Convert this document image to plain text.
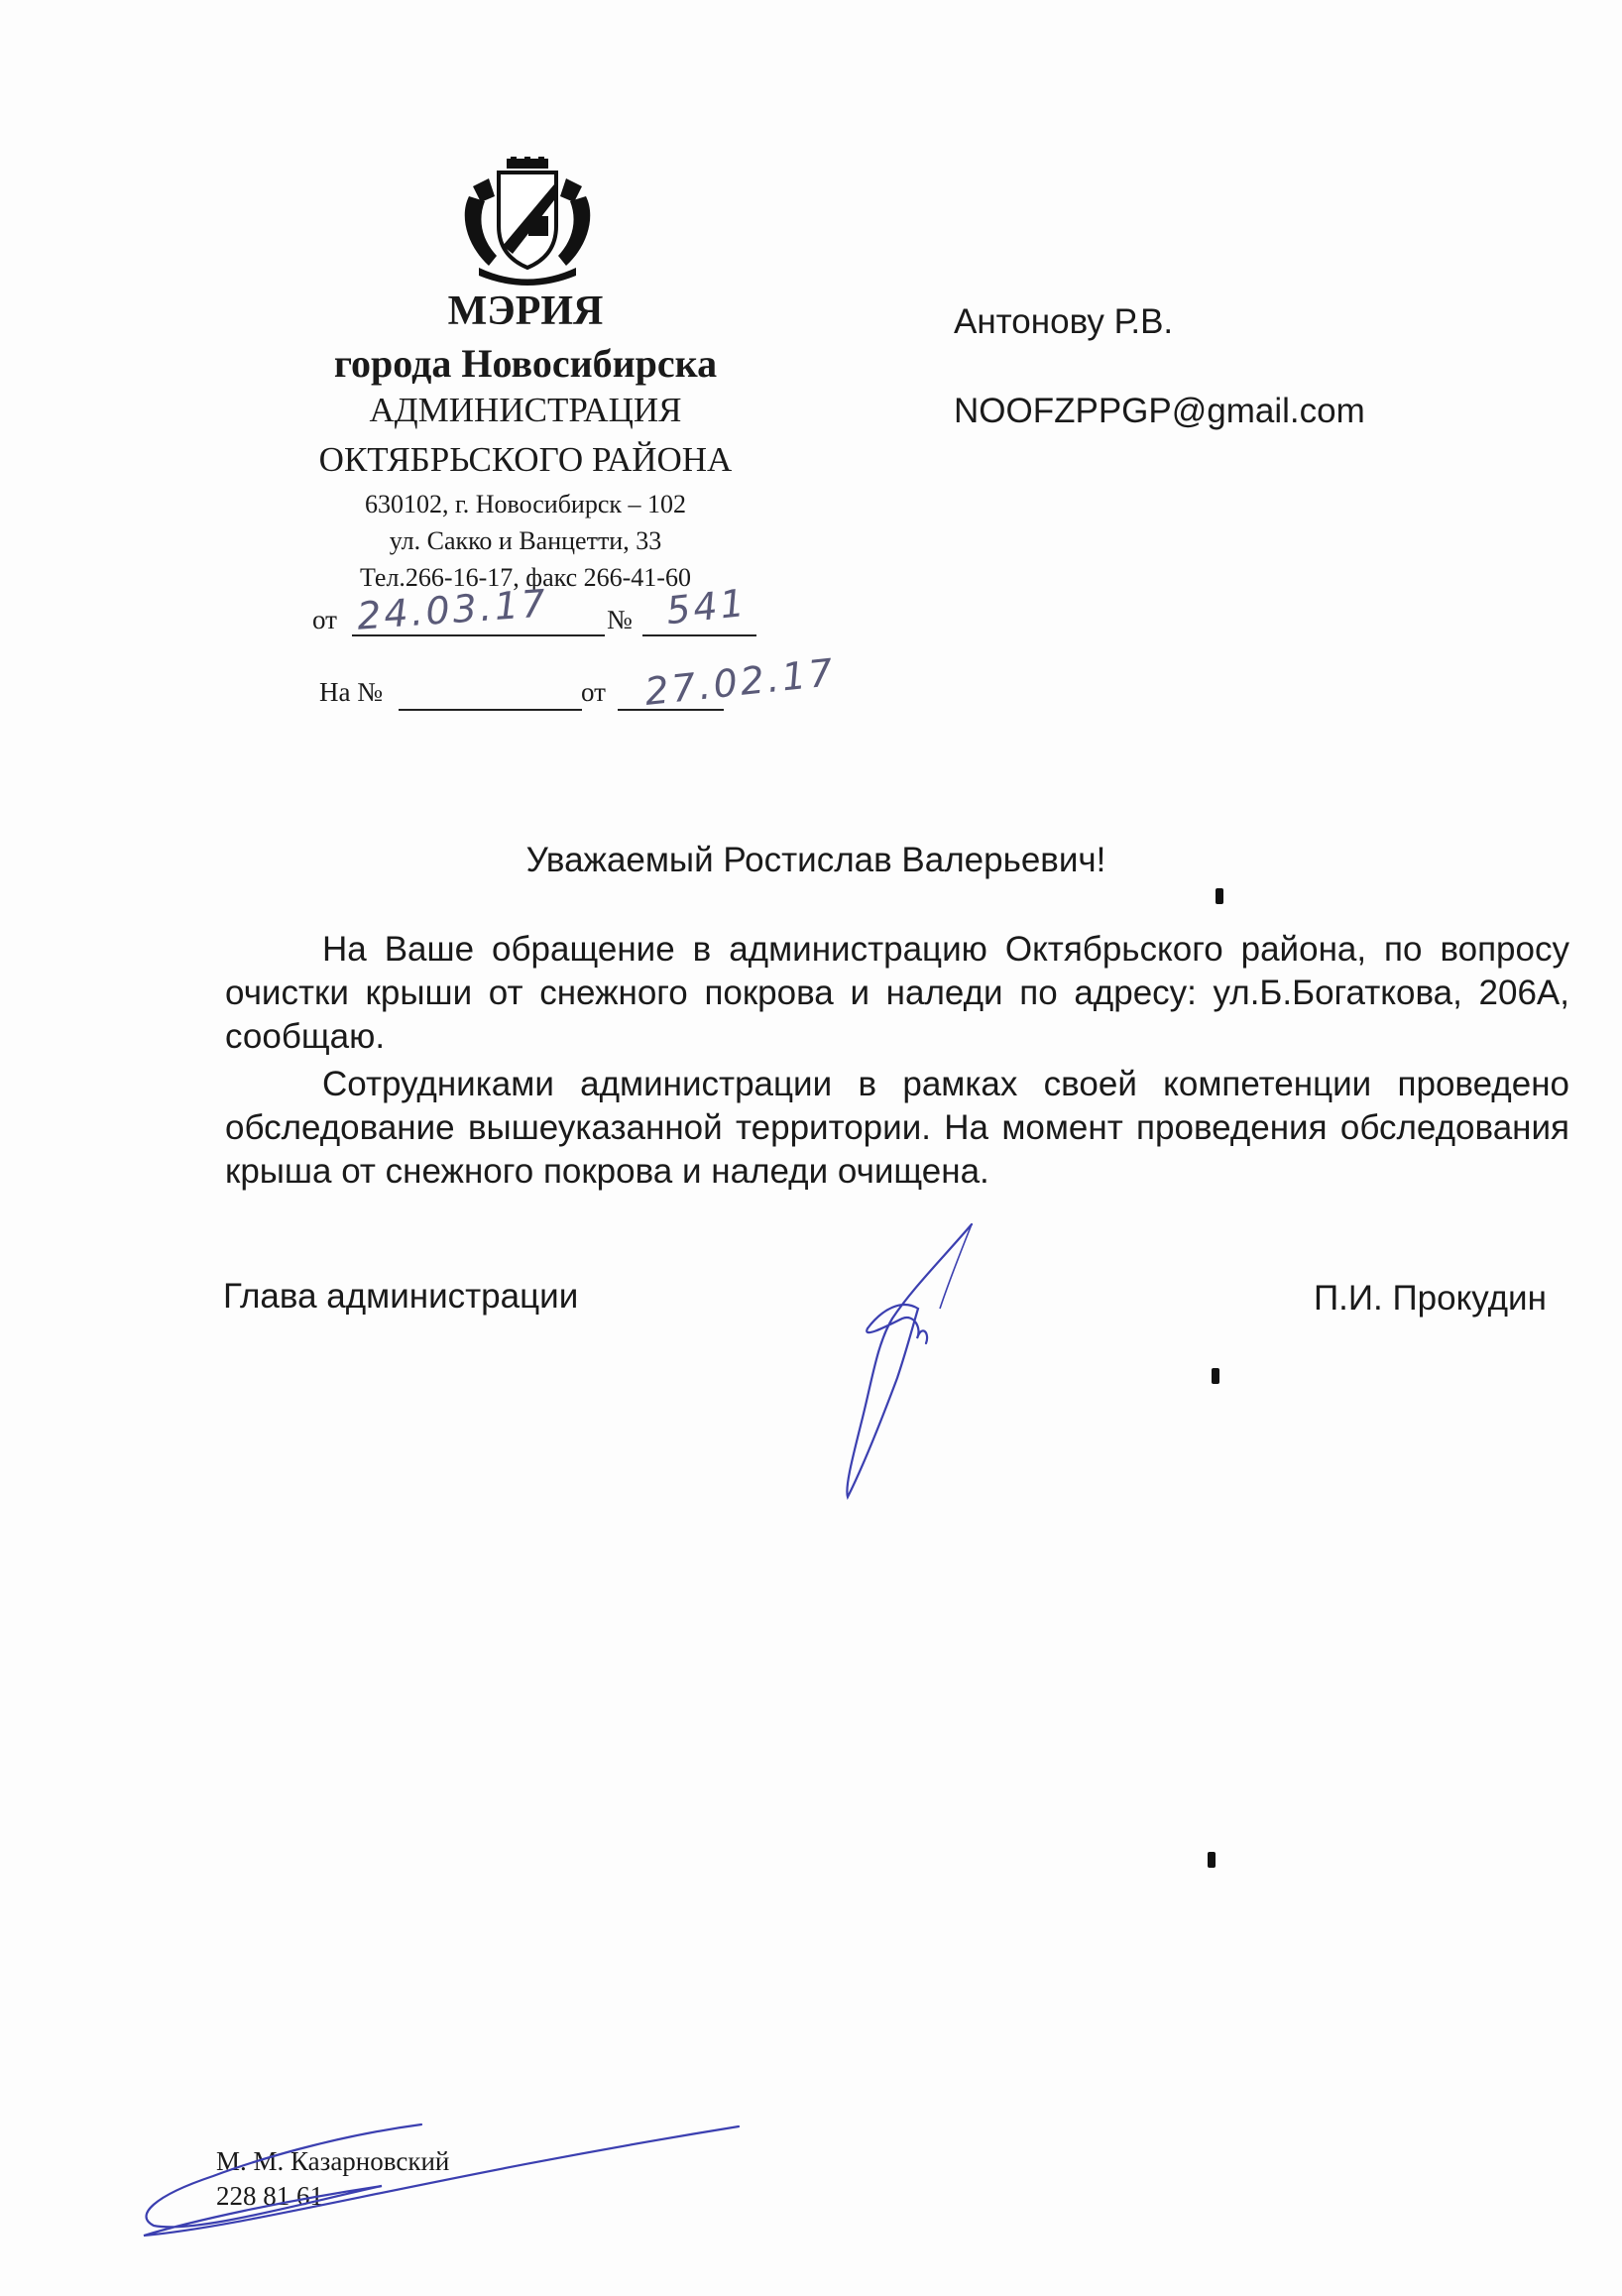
МЭРИЯ
города Новосибирска
АДМИНИСТРАЦИЯ
ОКТЯБРЬСКОГО РАЙОНА
630102, г. Новосибирск – 102
ул. Сакко и Ванцетти, 33
Тел.266-16-17, факс 266-41-60
от 24.03.17 № 541
На №	от 27.02.17
Антонову Р.В.
NOOFZPPGP@gmail.com
Уважаемый Ростислав Валерьевич!

На Ваше обращение в администрацию Октябрьского района, по вопросу очистки крыши от снежного покрова и наледи по адресу: ул.Б.Богаткова, 206А, сообщаю.

Сотрудниками администрации в рамках своей компетенции проведено обследование вышеуказанной территории. На момент проведения обследования крыша от снежного покрова и наледи очищена.

Глава администрации	П.И. Прокудин
М. М. Казарновский
228 81 61
